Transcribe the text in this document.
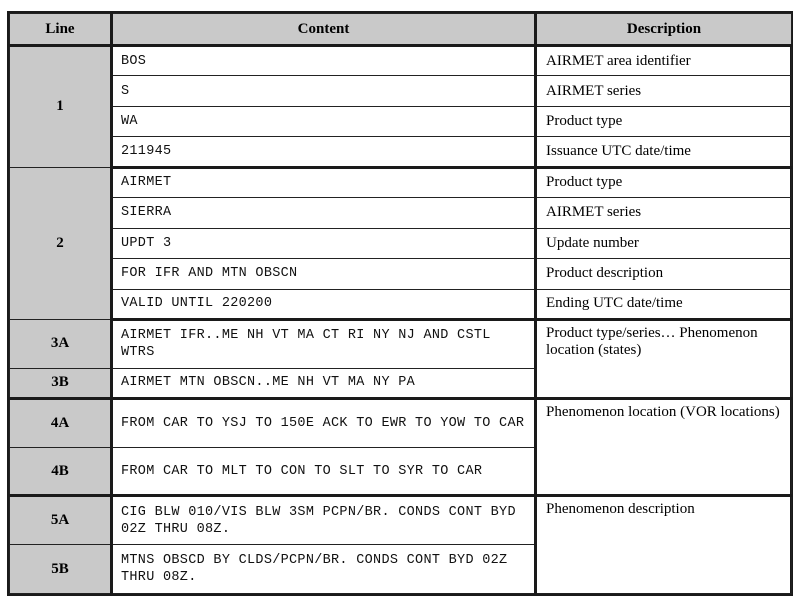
Line	Content	Description
1	BOS	AIRMET area identifier
	S	AIRMET series
	WA	Product type
	211945	Issuance UTC date/time
2	AIRMET	Product type
	SIERRA	AIRMET series
	UPDT 3	Update number
	FOR IFR AND MTN OBSCN	Product description
	VALID UNTIL 220200	Ending UTC date/time
3A	AIRMET IFR..ME NH VT MA CT RI NY NJ AND CSTL WTRS	Product type/series… Phenomenon location (states)
3B	AIRMET MTN OBSCN..ME NH VT MA NY PA	
4A	FROM CAR TO YSJ TO 150E ACK TO EWR TO YOW TO CAR	Phenomenon location (VOR locations)
4B	FROM CAR TO MLT TO CON TO SLT TO SYR TO CAR	
5A	CIG BLW 010/VIS BLW 3SM PCPN/BR. CONDS CONT BYD 02Z THRU 08Z.	Phenomenon description
5B	MTNS OBSCD BY CLDS/PCPN/BR. CONDS CONT BYD 02Z THRU 08Z.	
